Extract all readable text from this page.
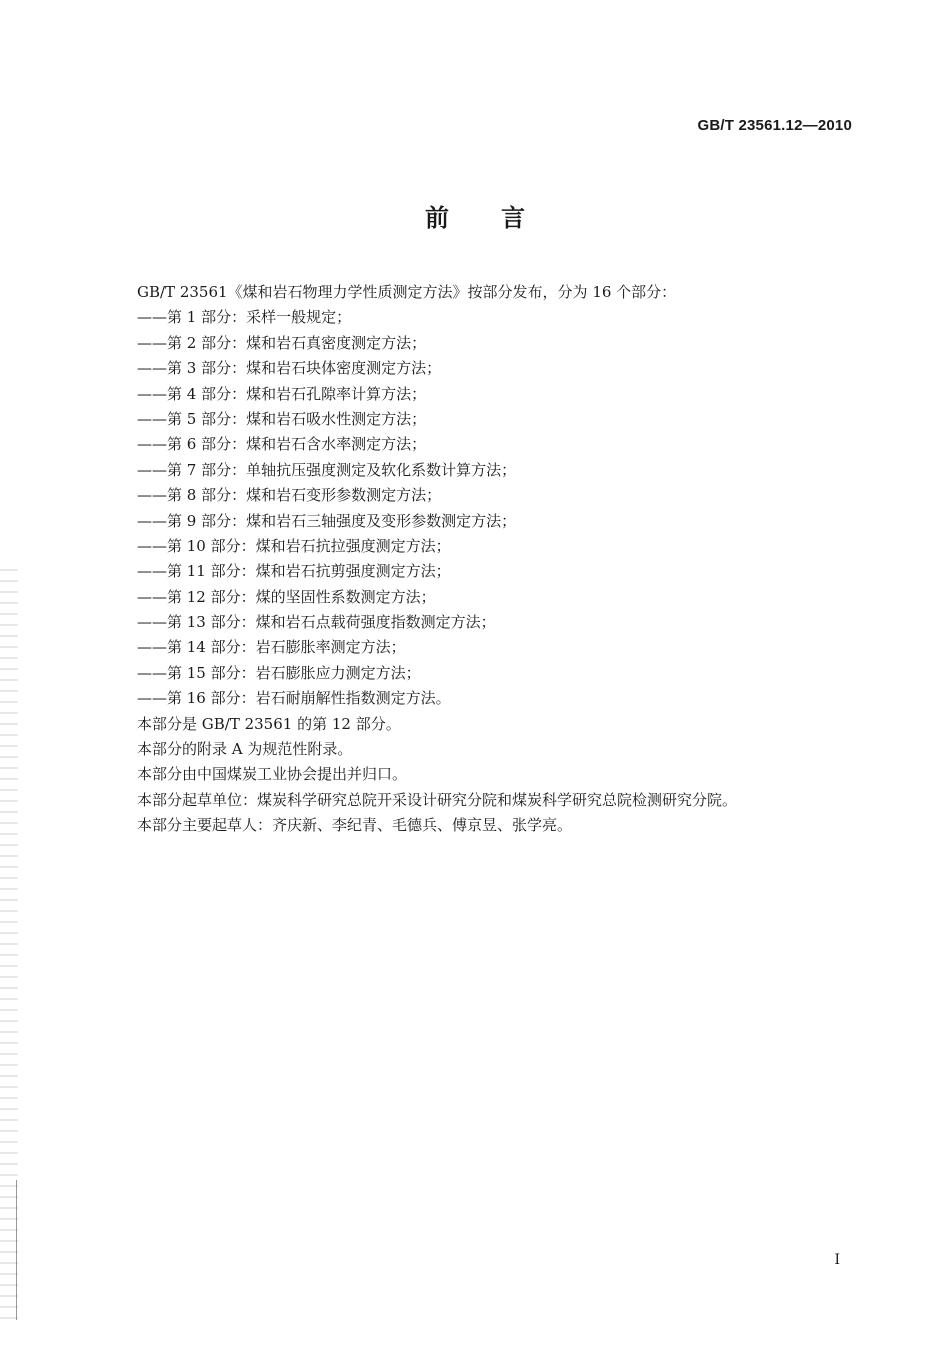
GB/T 23561.12—2010
前言
GB/T 23561《煤和岩石物理力学性质测定方法》按部分发布，分为 16 个部分：
——第 1 部分：采样一般规定；
——第 2 部分：煤和岩石真密度测定方法；
——第 3 部分：煤和岩石块体密度测定方法；
——第 4 部分：煤和岩石孔隙率计算方法；
——第 5 部分：煤和岩石吸水性测定方法；
——第 6 部分：煤和岩石含水率测定方法；
——第 7 部分：单轴抗压强度测定及软化系数计算方法；
——第 8 部分：煤和岩石变形参数测定方法；
——第 9 部分：煤和岩石三轴强度及变形参数测定方法；
——第 10 部分：煤和岩石抗拉强度测定方法；
——第 11 部分：煤和岩石抗剪强度测定方法；
——第 12 部分：煤的坚固性系数测定方法；
——第 13 部分：煤和岩石点载荷强度指数测定方法；
——第 14 部分：岩石膨胀率测定方法；
——第 15 部分：岩石膨胀应力测定方法；
——第 16 部分：岩石耐崩解性指数测定方法。
本部分是 GB/T 23561 的第 12 部分。
本部分的附录 A 为规范性附录。
本部分由中国煤炭工业协会提出并归口。
本部分起草单位：煤炭科学研究总院开采设计研究分院和煤炭科学研究总院检测研究分院。
本部分主要起草人：齐庆新、李纪青、毛德兵、傅京昱、张学亮。
I
